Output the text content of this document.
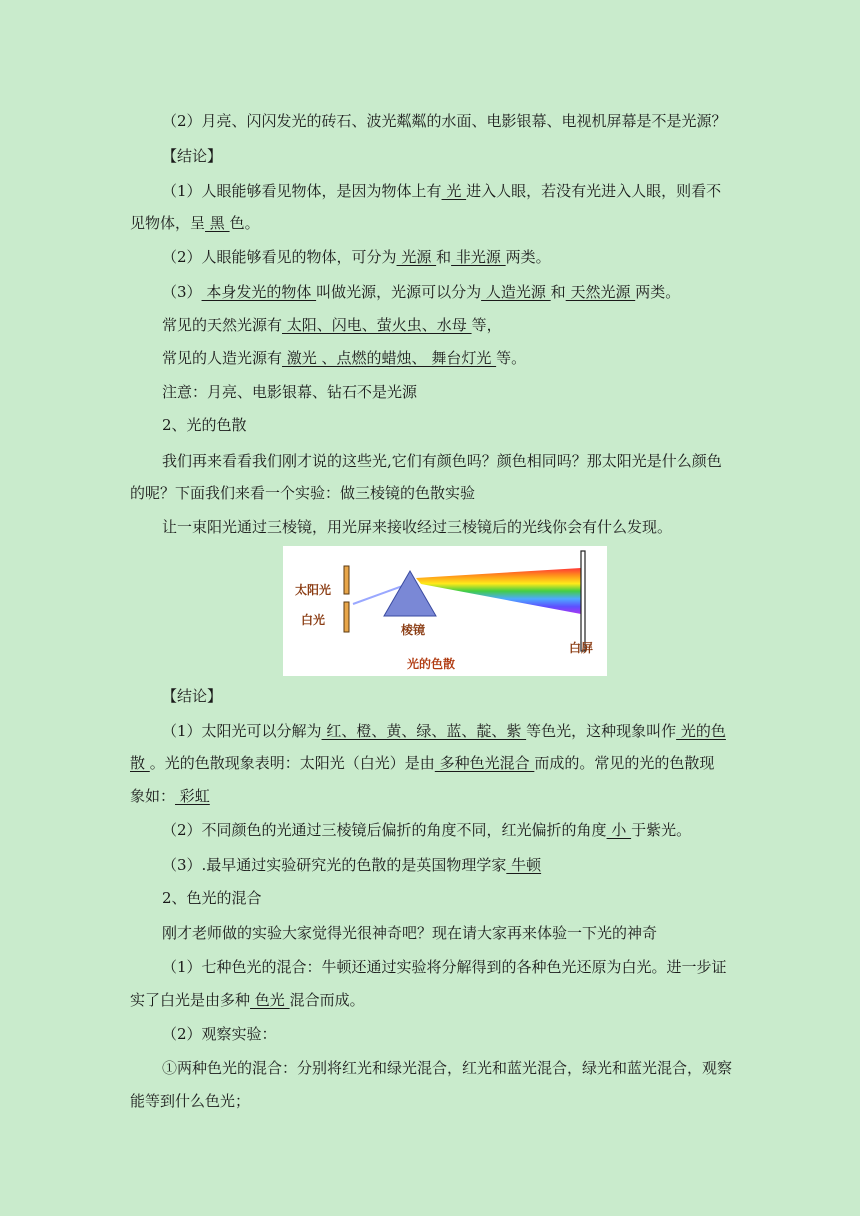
（2）月亮、闪闪发光的砖石、波光粼粼的水面、电影银幕、电视机屏幕是不是光源？
【结论】
（1）人眼能够看见物体，是因为物体上有 光 进入人眼，若没有光进入人眼，则看不
见物体，呈 黑 色。
（2）人眼能够看见的物体，可分为 光源 和 非光源 两类。
（3） 本身发光的物体 叫做光源，光源可以分为 人造光源 和 天然光源 两类。
常见的天然光源有 太阳、闪电、萤火虫、水母 等，
常见的人造光源有 激光 、点燃的蜡烛、 舞台灯光 等。
注意：月亮、电影银幕、钻石不是光源
2、光的色散
我们再来看看我们刚才说的这些光,它们有颜色吗？颜色相同吗？那太阳光是什么颜色
的呢？下面我们来看一个实验：做三棱镜的色散实验
让一束阳光通过三棱镜，用光屏来接收经过三棱镜后的光线你会有什么发现。
太阳光
白光
棱镜
白屏
光的色散
【结论】
（1）太阳光可以分解为 红、橙、黄、绿、蓝、靛、紫 等色光，这种现象叫作 光的色
散 。光的色散现象表明：太阳光（白光）是由 多种色光混合 而成的。常见的光的色散现
象如： 彩虹
（2）不同颜色的光通过三棱镜后偏折的角度不同，红光偏折的角度 小 于紫光。
（3）.最早通过实验研究光的色散的是英国物理学家 牛顿
2、色光的混合
刚才老师做的实验大家觉得光很神奇吧？现在请大家再来体验一下光的神奇
（1）七种色光的混合：牛顿还通过实验将分解得到的各种色光还原为白光。进一步证
实了白光是由多种 色光 混合而成。
（2）观察实验：
①两种色光的混合：分别将红光和绿光混合，红光和蓝光混合，绿光和蓝光混合，观察
能等到什么色光；
